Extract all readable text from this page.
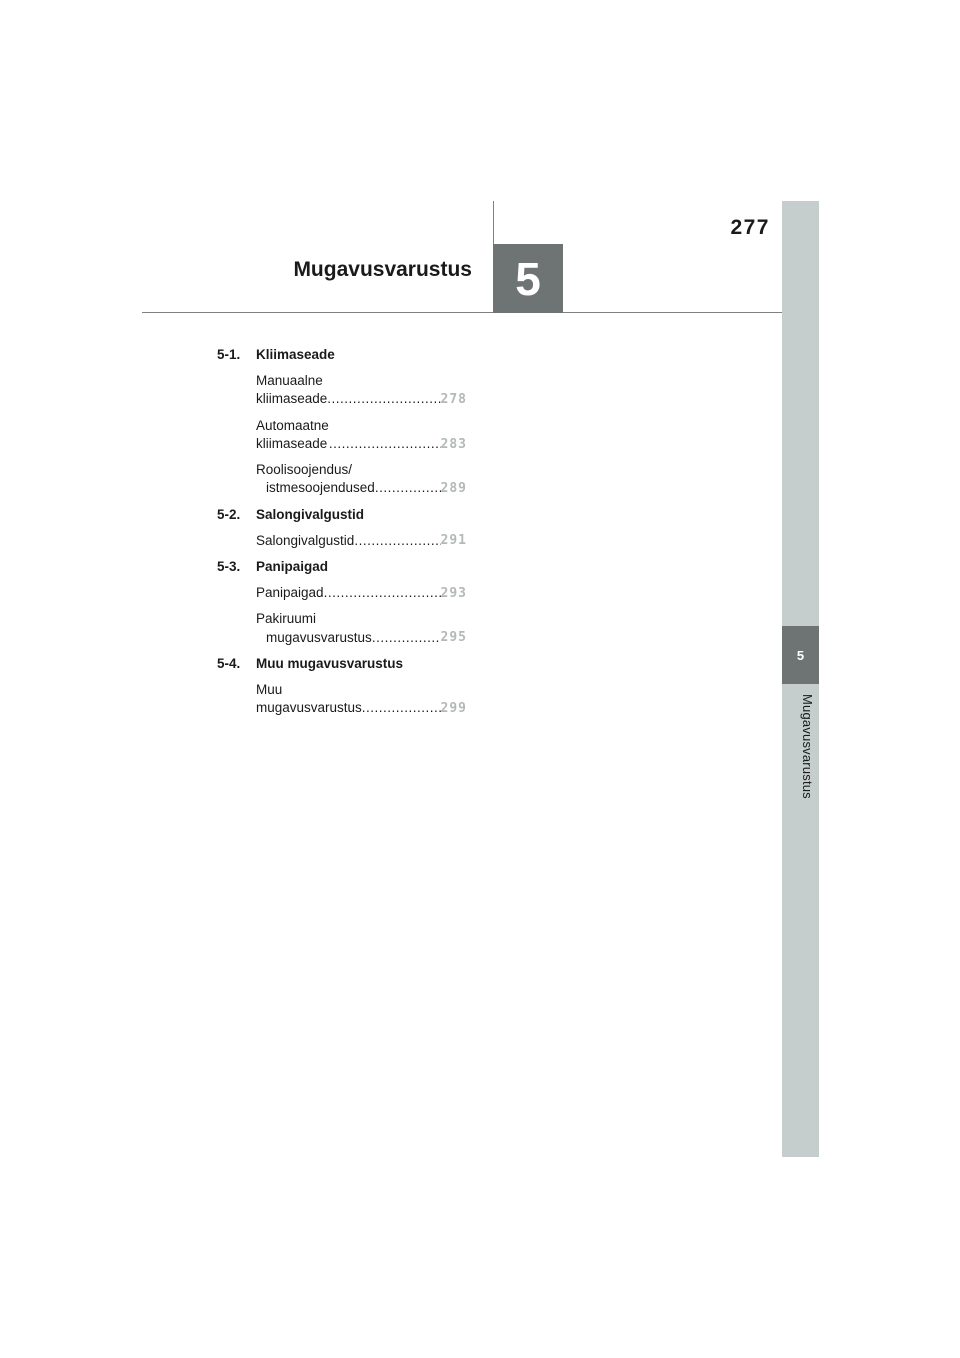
5
Mugavusvarustus
277
5
Mugavusvarustus
5-1.	Kliimaseade
Manuaalne kliimaseade .....	278
Automaatne kliimaseade .....	283
Roolisoojendus/
istmesoojendused .....	289
5-2.	Salongivalgustid
Salongivalgustid .....	291
5-3.	Panipaigad
Panipaigad .....	293
Pakiruumi
mugavusvarustus .....	295
5-4.	Muu mugavusvarustus
Muu mugavusvarustus .....	299
